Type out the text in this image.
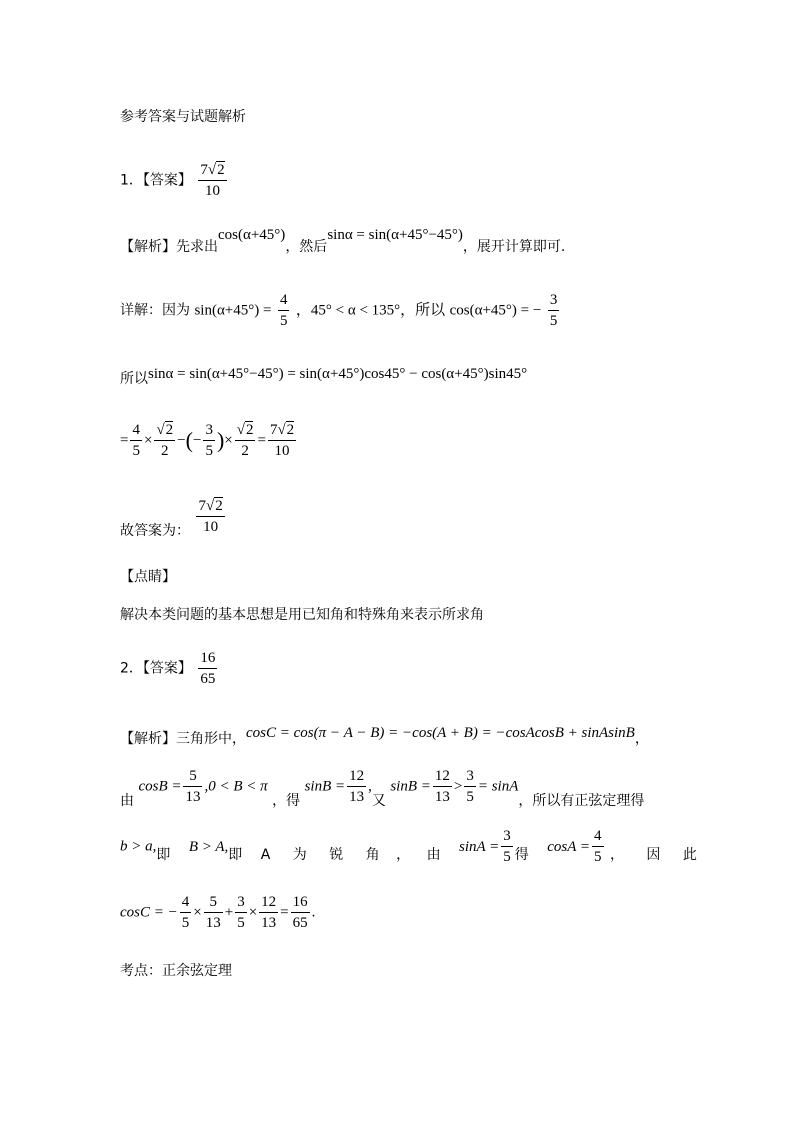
参考答案与试题解析
1．【答案】 $\frac{7√2}{10}$
【解析】先求出cos(α+45°)，然后sinα = sin(α+45°−45°)，展开计算即可.
详解：因为 $\sin(\alpha+45^\circ) = \frac{4}{5}$ ，45° < α < 135°，所以 cos(α+45°) = − $\frac{3}{5}$
所以sinα = sin(α+45°−45°) = sin(α+45°)cos45° − cos(α+45°)sin45°
= $\frac{4}{5} \times \frac{√2}{2}$ −(− $\frac{3}{5}$ )× $\frac{√2}{2} = \frac{7√2}{10}$
故答案为： $\frac{7√2}{10}$
【点睛】
解决本类问题的基本思想是用已知角和特殊角来表示所求角
2．【答案】 $\frac{16}{65}$
【解析】三角形中，cosC = cos(π − A − B) = −cos(A + B) = −cosAcosB + sinAsinB，
由 $\cos B = \frac{5}{13} ,0 < B < \pi$ ，得 $\sin B = \frac{12}{13}$ ,又 $\sin B = \frac{12}{13} > \frac{3}{5} = \sin A$，所以有正弦定理得
b > a,即 B > A,即 A 为 锐 角 ， 由 $\sin A = \frac{3}{5}$ 得 $\cos A = \frac{4}{5}$ ， 因 此
cosC = − $\frac{4}{5} \times \frac{5}{13} + \frac{3}{5} \times \frac{12}{13} = \frac{16}{65}$ .
考点：正余弦定理
